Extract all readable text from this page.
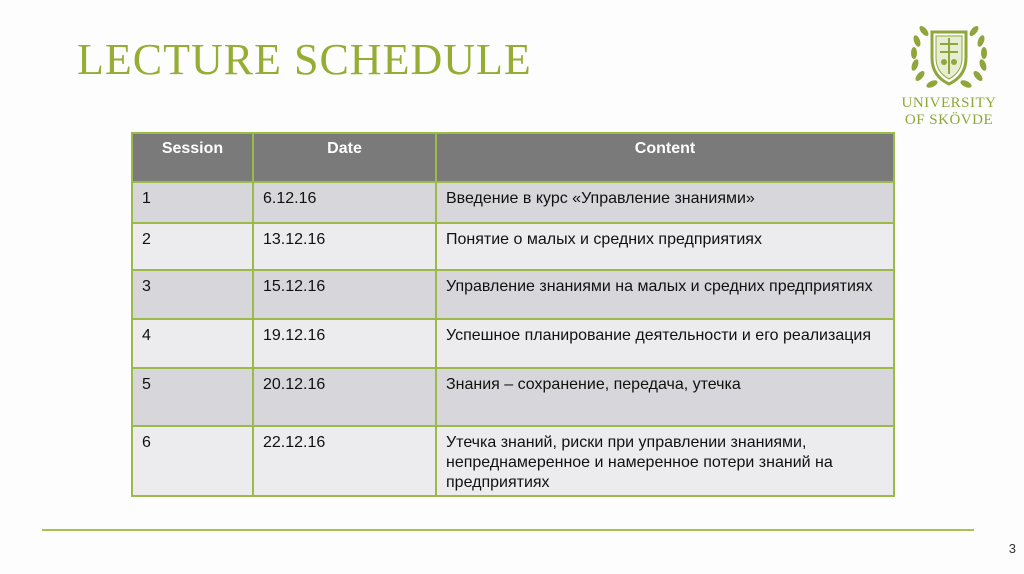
LECTURE SCHEDULE
UNIVERSITY
OF SKÖVDE
Session	Date	Content
1	6.12.16	Введение в курс «Управление знаниями»
2	13.12.16	Понятие о малых и средних предприятиях
3	15.12.16	Управление знаниями на малых и средних предприятиях
4	19.12.16	Успешное планирование деятельности и его реализация
5	20.12.16	Знания – сохранение, передача, утечка
6	22.12.16	Утечка знаний, риски при управлении знаниями, непреднамеренное и намеренное потери знаний на предприятиях
3
